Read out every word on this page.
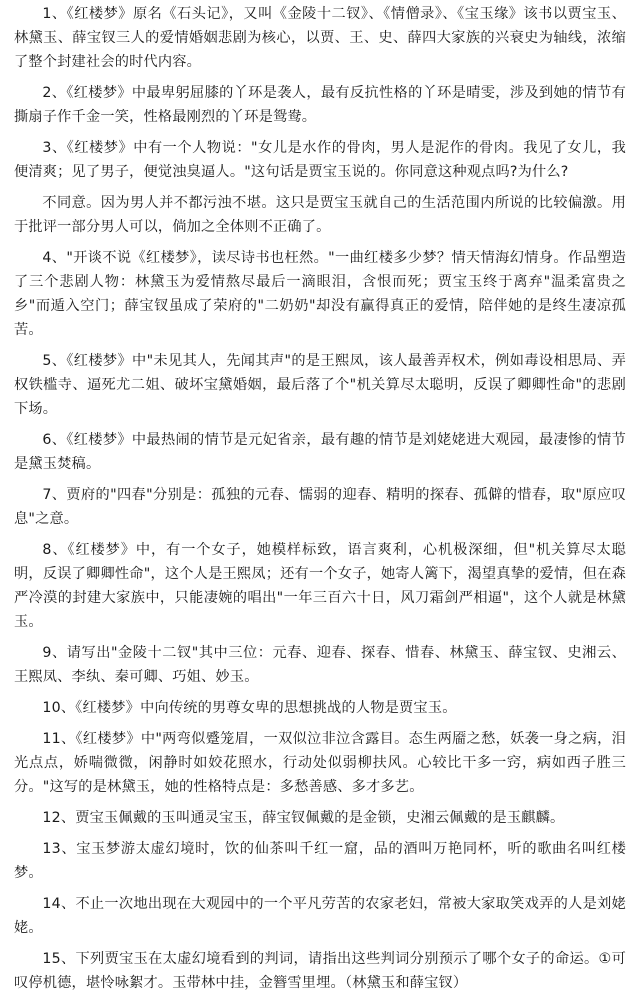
1、《红楼梦》原名《石头记》，又叫《金陵十二钗》、《情僧录》、《宝玉缘》该书以贾宝玉、林黛玉、薛宝钗三人的爱情婚姻悲剧为核心，以贾、王、史、薛四大家族的兴衰史为轴线，浓缩了整个封建社会的时代内容。

2、《红楼梦》中最卑躬屈膝的丫环是袭人，最有反抗性格的丫环是晴雯，涉及到她的情节有撕扇子作千金一笑，性格最刚烈的丫环是鸳鸯。

3、《红楼梦》中有一个人物说："女儿是水作的骨肉，男人是泥作的骨肉。我见了女儿，我便清爽；见了男子，便觉浊臭逼人。"这句话是贾宝玉说的。你同意这种观点吗?为什么?

不同意。因为男人并不都污浊不堪。这只是贾宝玉就自己的生活范围内所说的比较偏激。用于批评一部分男人可以，倘加之全体则不正确了。

4、"开谈不说《红楼梦》，读尽诗书也枉然。"一曲红楼多少梦？情天情海幻情身。作品塑造了三个悲剧人物：林黛玉为爱情熬尽最后一滴眼泪，含恨而死；贾宝玉终于离弃"温柔富贵之乡"而遁入空门；薛宝钗虽成了荣府的"二奶奶"却没有赢得真正的爱情，陪伴她的是终生凄凉孤苦。

5、《红楼梦》中"未见其人，先闻其声"的是王熙凤，该人最善弄权术，例如毒设相思局、弄权铁槛寺、逼死尤二姐、破坏宝黛婚姻，最后落了个"机关算尽太聪明，反误了卿卿性命"的悲剧下场。

6、《红楼梦》中最热闹的情节是元妃省亲，最有趣的情节是刘姥姥进大观园，最凄惨的情节是黛玉焚稿。

7、贾府的"四春"分别是：孤独的元春、懦弱的迎春、精明的探春、孤僻的惜春，取"原应叹息"之意。

8、《红楼梦》中，有一个女子，她模样标致，语言爽利，心机极深细，但"机关算尽太聪明，反误了卿卿性命"，这个人是王熙凤；还有一个女子，她寄人篱下，渴望真挚的爱情，但在森严冷漠的封建大家族中，只能凄婉的唱出"一年三百六十日，风刀霜剑严相逼"，这个人就是林黛玉。

9、请写出"金陵十二钗"其中三位：元春、迎春、探春、惜春、林黛玉、薛宝钗、史湘云、王熙凤、李纨、秦可卿、巧姐、妙玉。

10、《红楼梦》中向传统的男尊女卑的思想挑战的人物是贾宝玉。

11、《红楼梦》中"两弯似蹙笼眉，一双似泣非泣含露目。态生两靥之愁，妖袭一身之病，泪光点点，娇喘微微，闲静时如姣花照水，行动处似弱柳扶风。心较比干多一窍，病如西子胜三分。"这写的是林黛玉，她的性格特点是：多愁善感、多才多艺。

12、贾宝玉佩戴的玉叫通灵宝玉，薛宝钗佩戴的是金锁，史湘云佩戴的是玉麒麟。

13、宝玉梦游太虚幻境时，饮的仙茶叫千红一窟，品的酒叫万艳同杯，听的歌曲名叫红楼梦。

14、不止一次地出现在大观园中的一个平凡劳苦的农家老妇，常被大家取笑戏弄的人是刘姥姥。

15、下列贾宝玉在太虚幻境看到的判词，请指出这些判词分别预示了哪个女子的命运。①可叹停机德，堪怜咏絮才。玉带林中挂，金簪雪里埋。（林黛玉和薛宝钗）
